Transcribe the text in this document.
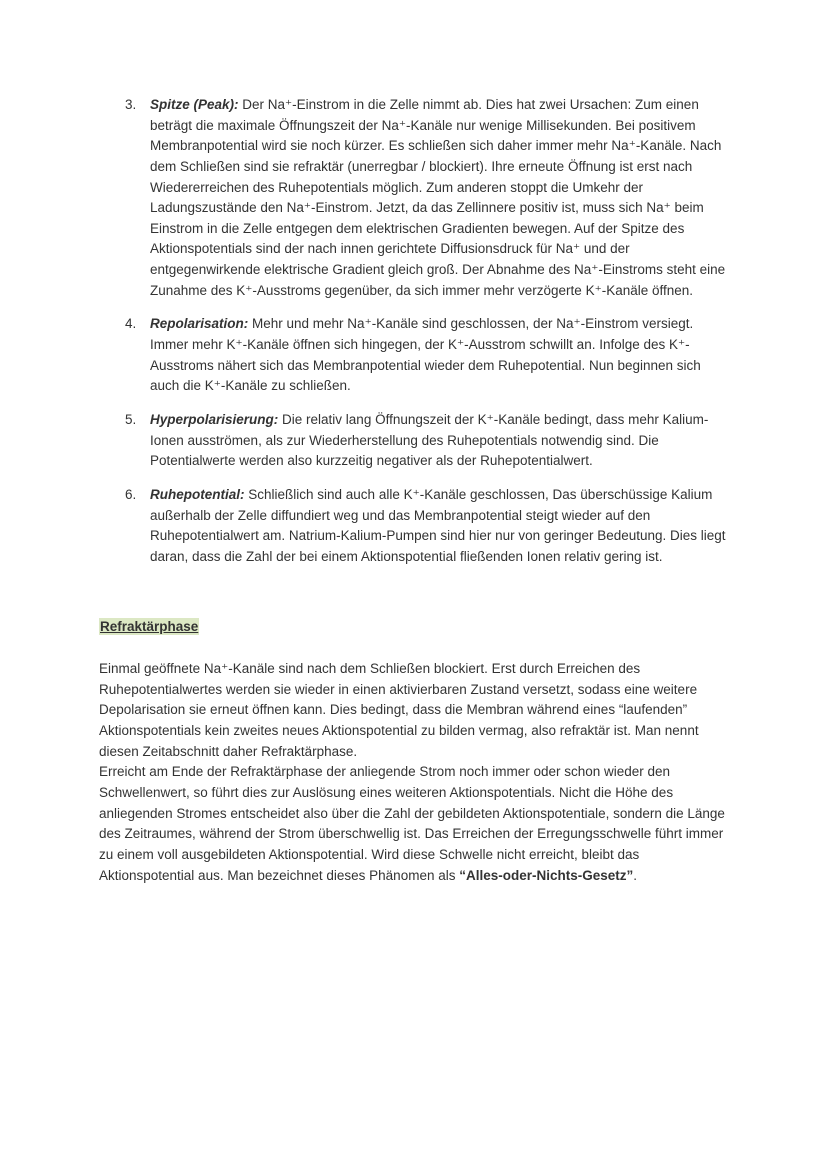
3.	Spitze (Peak): Der Na⁺-Einstrom in die Zelle nimmt ab. Dies hat zwei Ursachen: Zum einen beträgt die maximale Öffnungszeit der Na⁺-Kanäle nur wenige Millisekunden. Bei positivem Membranpotential wird sie noch kürzer. Es schließen sich daher immer mehr Na⁺-Kanäle. Nach dem Schließen sind sie refraktär (unerregbar / blockiert). Ihre erneute Öffnung ist erst nach Wiedererreichen des Ruhepotentials möglich. Zum anderen stoppt die Umkehr der Ladungszustände den Na⁺-Einstrom. Jetzt, da das Zellinnere positiv ist, muss sich Na⁺ beim Einstrom in die Zelle entgegen dem elektrischen Gradienten bewegen. Auf der Spitze des Aktionspotentials sind der nach innen gerichtete Diffusionsdruck für Na⁺ und der entgegenwirkende elektrische Gradient gleich groß. Der Abnahme des Na⁺-Einstroms steht eine Zunahme des K⁺-Ausstroms gegenüber, da sich immer mehr verzögerte K⁺-Kanäle öffnen.

4.	Repolarisation: Mehr und mehr Na⁺-Kanäle sind geschlossen, der Na⁺-Einstrom versiegt. Immer mehr K⁺-Kanäle öffnen sich hingegen, der K⁺-Ausstrom schwillt an. Infolge des K⁺-Ausstroms nähert sich das Membranpotential wieder dem Ruhepotential. Nun beginnen sich auch die K⁺-Kanäle zu schließen.

5.	Hyperpolarisierung: Die relativ lang Öffnungszeit der K⁺-Kanäle bedingt, dass mehr Kalium-Ionen ausströmen, als zur Wiederherstellung des Ruhepotentials notwendig sind. Die Potentialwerte werden also kurzzeitig negativer als der Ruhepotentialwert.

6.	Ruhepotential: Schließlich sind auch alle K⁺-Kanäle geschlossen, Das überschüssige Kalium außerhalb der Zelle diffundiert weg und das Membranpotential steigt wieder auf den Ruhepotentialwert am. Natrium-Kalium-Pumpen sind hier nur von geringer Bedeutung. Dies liegt daran, dass die Zahl der bei einem Aktionspotential fließenden Ionen relativ gering ist.

Refraktärphase

Einmal geöffnete Na⁺-Kanäle sind nach dem Schließen blockiert. Erst durch Erreichen des Ruhepotentialwertes werden sie wieder in einen aktivierbaren Zustand versetzt, sodass eine weitere Depolarisation sie erneut öffnen kann. Dies bedingt, dass die Membran während eines “laufenden” Aktionspotentials kein zweites neues Aktionspotential zu bilden vermag, also refraktär ist. Man nennt diesen Zeitabschnitt daher Refraktärphase.

Erreicht am Ende der Refraktärphase der anliegende Strom noch immer oder schon wieder den Schwellenwert, so führt dies zur Auslösung eines weiteren Aktionspotentials. Nicht die Höhe des anliegenden Stromes entscheidet also über die Zahl der gebildeten Aktionspotentiale, sondern die Länge des Zeitraumes, während der Strom überschwellig ist. Das Erreichen der Erregungsschwelle führt immer zu einem voll ausgebildeten Aktionspotential. Wird diese Schwelle nicht erreicht, bleibt das Aktionspotential aus. Man bezeichnet dieses Phänomen als “Alles-oder-Nichts-Gesetz”.
